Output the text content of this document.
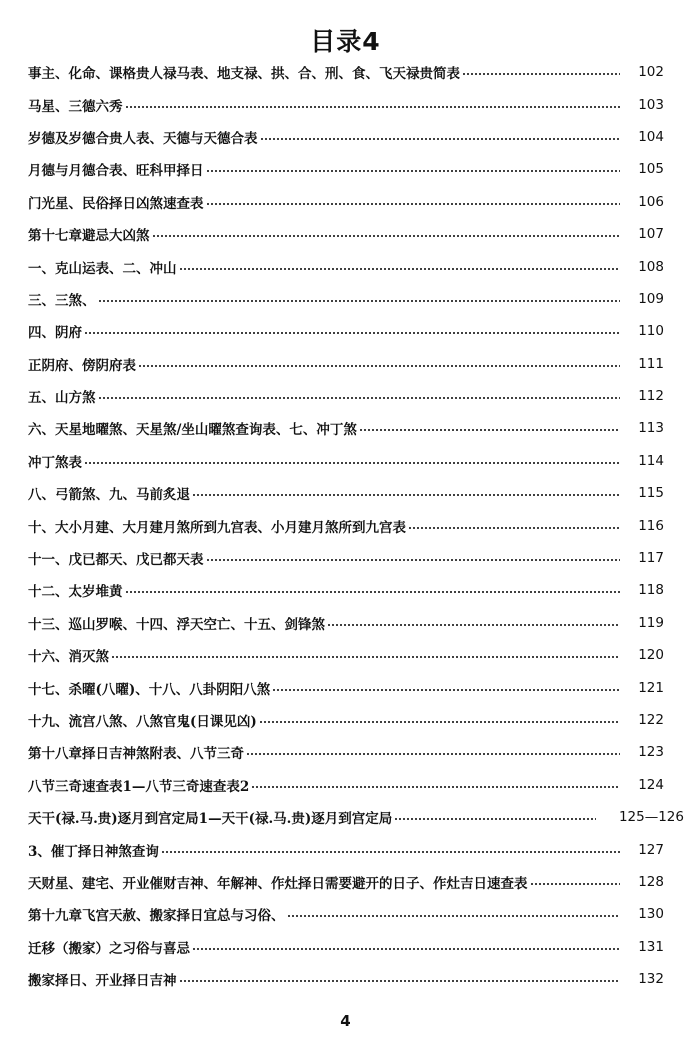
目录4
事主、化命、课格贵人禄马表、地支禄、拱、合、刑、食、飞天禄贵简表	102
马星、三德六秀	103
岁德及岁德合贵人表、天德与天德合表	104
月德与月德合表、旺科甲择日	105
门光星、民俗择日凶煞速查表	106
第十七章避忌大凶煞	107
一、克山运表、二、冲山	108
三、三煞、	109
四、阴府	110
正阴府、傍阴府表	111
五、山方煞	112
六、天星地曜煞、天星煞/坐山曜煞查询表、七、冲丁煞	113
冲丁煞表	114
八、弓箭煞、九、马前炙退	115
十、大小月建、大月建月煞所到九宫表、小月建月煞所到九宫表	116
十一、戊已都天、戊已都天表	117
十二、太岁堆黄	118
十三、巡山罗喉、十四、浮天空亡、十五、剑锋煞	119
十六、消灭煞	120
十七、杀曜(八曜)、十八、八卦阴阳八煞	121
十九、流宫八煞、八煞官鬼(日课见凶)	122
第十八章择日吉神煞附表、八节三奇	123
八节三奇速查表1—八节三奇速查表2	124
天干(禄.马.贵)逐月到宫定局1—天干(禄.马.贵)逐月到宫定局	125—126
3、催丁择日神煞查询	127
天财星、建宅、开业催财吉神、年解神、作灶择日需要避开的日子、作灶吉日速查表	128
第十九章飞宫天赦、搬家择日宜总与习俗、	130
迁移（搬家）之习俗与喜忌	131
搬家择日、开业择日吉神	132
4
